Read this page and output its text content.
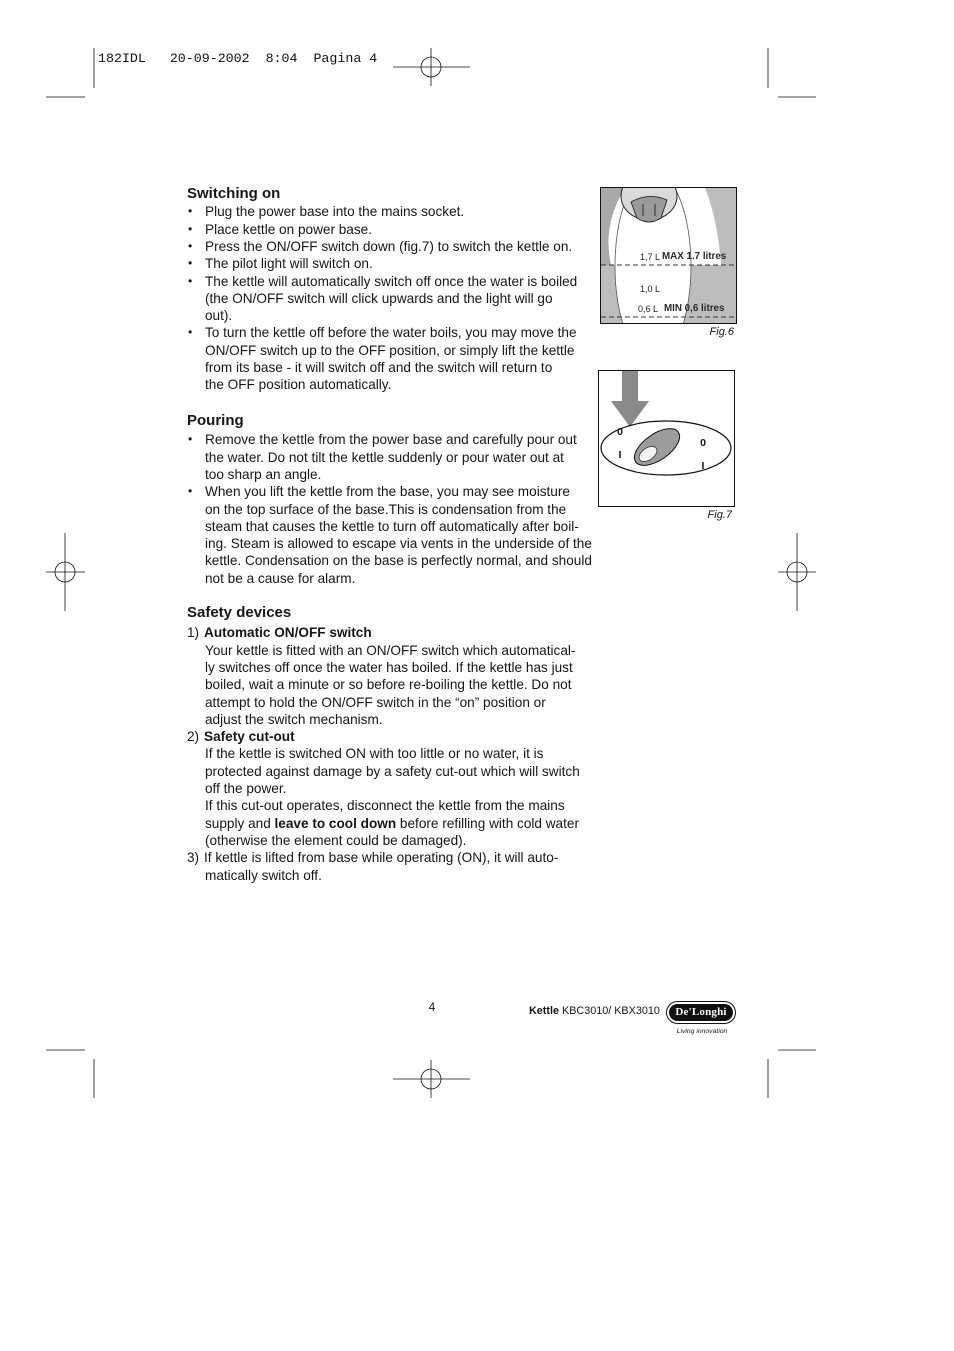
182IDL   20-09-2002  8:04  Pagina 4
Switching on
• Plug the power base into the mains socket.
• Place kettle on power base.
• Press the ON/OFF switch down (fig.7) to switch the kettle on.
• The pilot light will switch on.
• The kettle will automatically switch off once the water is boiled
(the ON/OFF switch will click upwards and the light will go
out).
• To turn the kettle off before the water boils, you may move the
ON/OFF switch up to the OFF position, or simply lift the kettle
from its base - it will switch off and the switch will return to
the OFF position automatically.
Pouring
• Remove the kettle from the power base and carefully pour out
the water. Do not tilt the kettle suddenly or pour water out at
too sharp an angle.
• When you lift the kettle from the base, you may see moisture
on the top surface of the base.This is condensation from the
steam that causes the kettle to turn off automatically after boil-
ing. Steam is allowed to escape via vents in the underside of the
kettle. Condensation on the base is perfectly normal, and should
not be a cause for alarm.
Safety devices
1) Automatic ON/OFF switch
Your kettle is fitted with an ON/OFF switch which automatical-
ly switches off once the water has boiled. If the kettle has just
boiled, wait a minute or so before re-boiling the kettle. Do not
attempt to hold the ON/OFF switch in the “on” position or
adjust the switch mechanism.
2) Safety cut-out
If the kettle is switched ON with too little or no water, it is
protected against damage by a safety cut-out which will switch
off the power.
If this cut-out operates, disconnect the kettle from the mains
supply and leave to cool down before refilling with cold water
(otherwise the element could be damaged).
3) If kettle is lifted from base while operating (ON), it will auto-
matically switch off.
1,7 L MAX 1.7 litres
1,0 L
0,6 L MIN 0,6 litres
Fig.6
0
I
0
I
Fig.7
4	Kettle KBC3010/ KBX3010	De'Longhi
Living innovation
